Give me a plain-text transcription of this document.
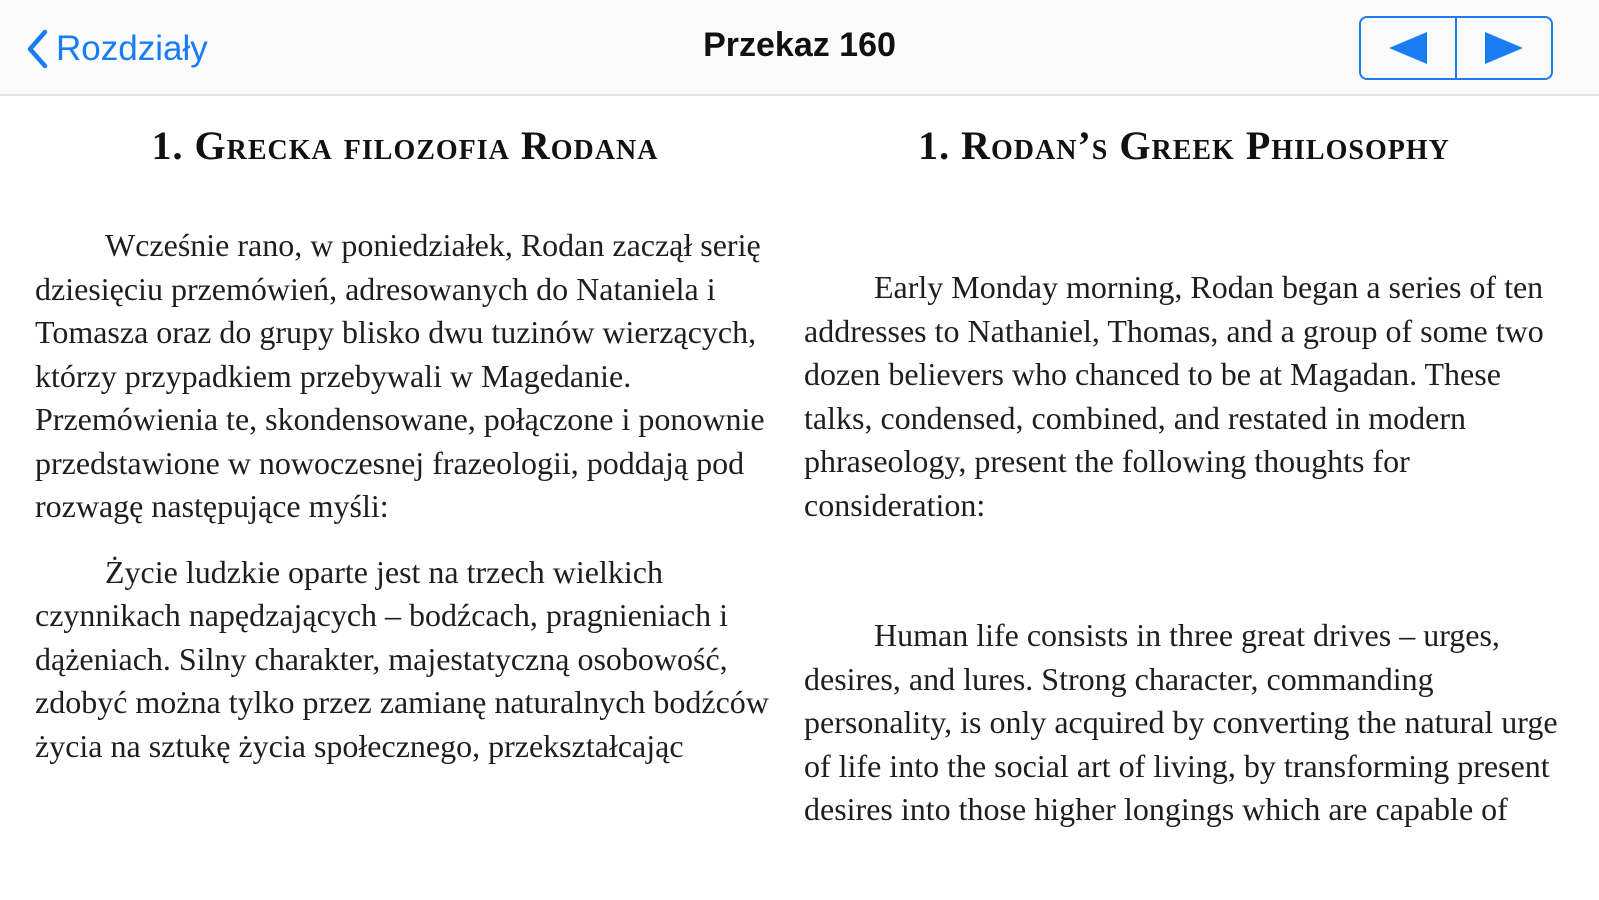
Rozdziały	Przekaz 160
1. Grecka filozofia Rodana

Wcześnie rano, w poniedziałek, Rodan zaczął serię dziesięciu przemówień, adresowanych do Nataniela i Tomasza oraz do grupy blisko dwu tuzinów wierzących, którzy przypadkiem przebywali w Magedanie. Przemówienia te, skondensowane, połączone i ponownie przedstawione w nowoczesnej frazeologii, poddają pod rozwagę następujące myśli:

Życie ludzkie oparte jest na trzech wielkich czynnikach napędzających – bodźcach, pragnieniach i dążeniach. Silny charakter, majestatyczną osobowość, zdobyć można tylko przez zamianę naturalnych bodźców życia na sztukę życia społecznego, przekształcając

1. Rodan’s Greek Philosophy

Early Monday morning, Rodan began a series of ten addresses to Nathaniel, Thomas, and a group of some two dozen believers who chanced to be at Magadan. These talks, condensed, combined, and restated in modern phraseology, present the following thoughts for consideration:

Human life consists in three great drives – urges, desires, and lures. Strong character, commanding personality, is only acquired by converting the natural urge of life into the social art of living, by transforming present desires into those higher longings which are capable of
